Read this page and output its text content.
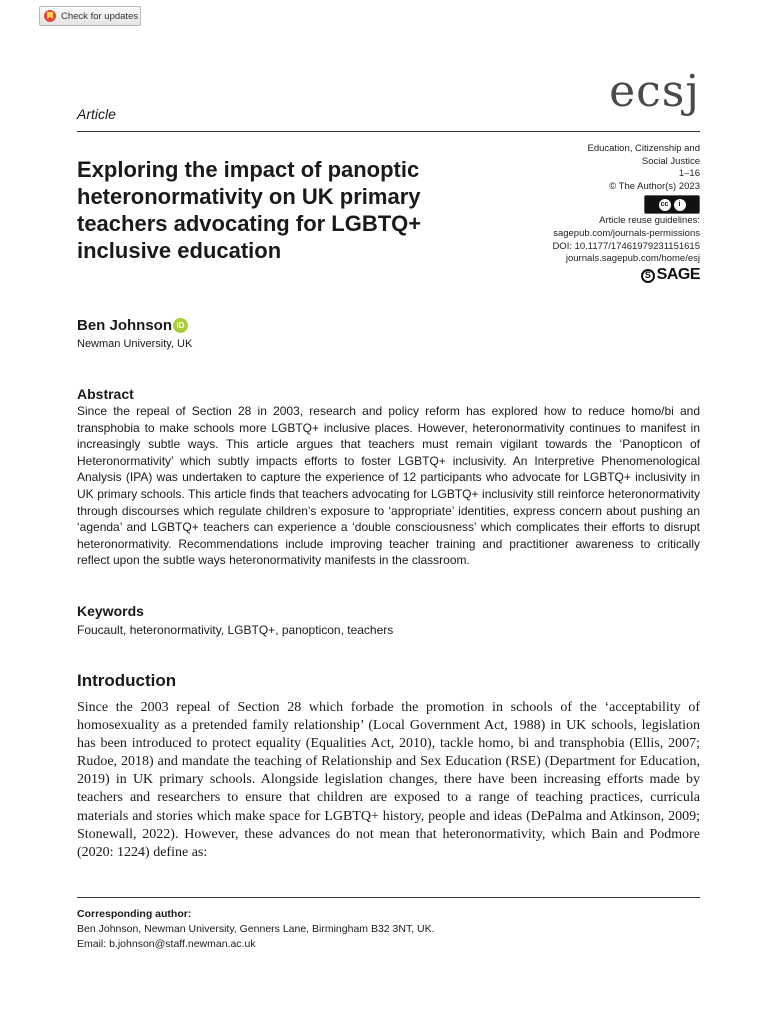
Check for updates
ecsj
Article
Exploring the impact of panoptic heteronormativity on UK primary teachers advocating for LGBTQ+ inclusive education
Education, Citizenship and
Social Justice
1–16
© The Author(s) 2023
cc	i
Article reuse guidelines:
sagepub.com/journals-permissions
DOI: 10.1177/17461979231151615
journals.sagepub.com/home/esj
S SAGE
Ben Johnson iD
Newman University, UK
Abstract

Since the repeal of Section 28 in 2003, research and policy reform has explored how to reduce homo/bi and transphobia to make schools more LGBTQ+ inclusive places. However, heteronormativity continues to manifest in increasingly subtle ways. This article argues that teachers must remain vigilant towards the ‘Panopticon of Heteronormativity’ which subtly impacts efforts to foster LGBTQ+ inclusivity. An Interpretive Phenomenological Analysis (IPA) was undertaken to capture the experience of 12 participants who advocate for LGBTQ+ inclusivity in UK primary schools. This article finds that teachers advocating for LGBTQ+ inclusivity still reinforce heteronormativity through discourses which regulate children’s exposure to ‘appropriate’ identities, express concern about pushing an ‘agenda’ and LGBTQ+ teachers can experience a ‘double consciousness’ which complicates their efforts to disrupt heteronormativity. Recommendations include improving teacher training and practitioner awareness to critically reflect upon the subtle ways heteronormativity manifests in the classroom.

Keywords

Foucault, heteronormativity, LGBTQ+, panopticon, teachers

Introduction

Since the 2003 repeal of Section 28 which forbade the promotion in schools of the ‘acceptability of homosexuality as a pretended family relationship’ (Local Government Act, 1988) in UK schools, legislation has been introduced to protect equality (Equalities Act, 2010), tackle homo, bi and transphobia (Ellis, 2007; Rudoe, 2018) and mandate the teaching of Relationship and Sex Education (RSE) (Department for Education, 2019) in UK primary schools. Alongside legislation changes, there have been increasing efforts made by teachers and researchers to ensure that children are exposed to a range of teaching practices, curricula materials and stories which make space for LGBTQ+ history, people and ideas (DePalma and Atkinson, 2009; Stonewall, 2022). However, these advances do not mean that heteronormativity, which Bain and Podmore (2020: 1224) define as:

Corresponding author:
Ben Johnson, Newman University, Genners Lane, Birmingham B32 3NT, UK.
Email: b.johnson@staff.newman.ac.uk
